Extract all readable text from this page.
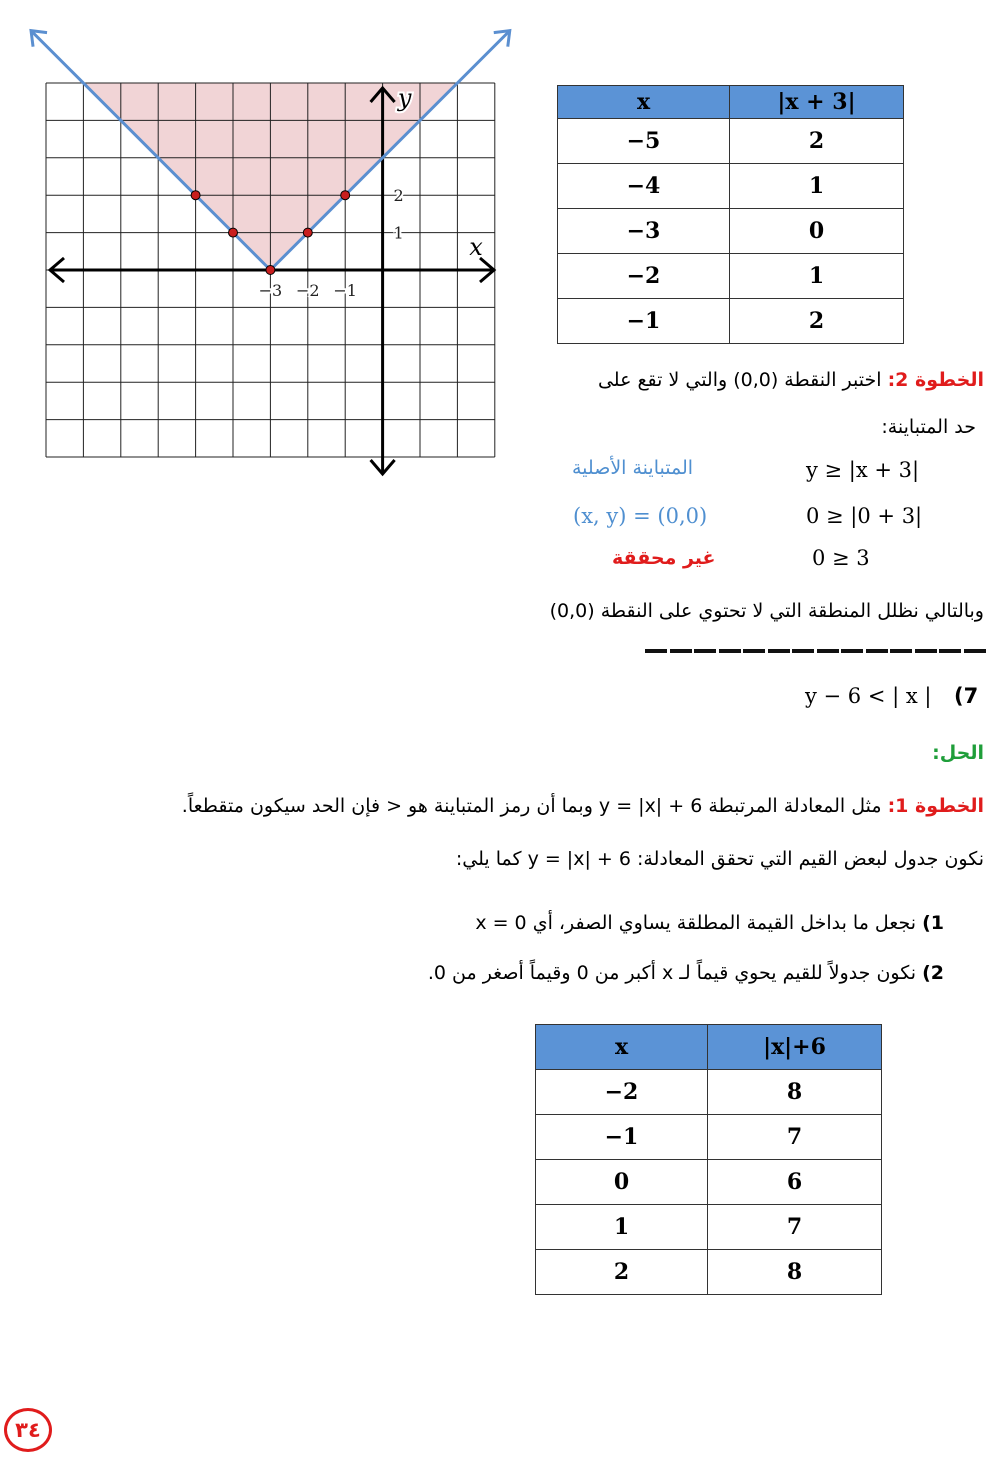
−3 −2 −1
2
1	x
y	x	|x + 3|
−5	2
−4	1
−3	0
−2	1
−1	2
الخطوة 2: اختبر النقطة (0,0) والتي لا تقع على
حد المتباينة:
المتباينة الأصلية	y ≥ |x + 3|
(x, y) = (0,0)	0 ≥ |0 + 3|
غير محققة	0 ≥ 3
وبالتالي نظلل المنطقة التي لا تحتوي على النقطة (0,0)
y − 6 < | x | (7
الحل:
الخطوة 1: مثل المعادلة المرتبطة y = |x| + 6 وبما أن رمز المتباينة هو < فإن الحد سيكون متقطعاً.
نكون جدول لبعض القيم التي تحقق المعادلة: y = |x| + 6 كما يلي:
1) نجعل ما بداخل القيمة المطلقة يساوي الصفر، أي x = 0
2) نكون جدولاً للقيم يحوي قيماً لـ x أكبر من 0 وقيماً أصغر من 0.
x	|x|+6
−2	8
−1	7
0	6
1	7
2	8
٣٤
